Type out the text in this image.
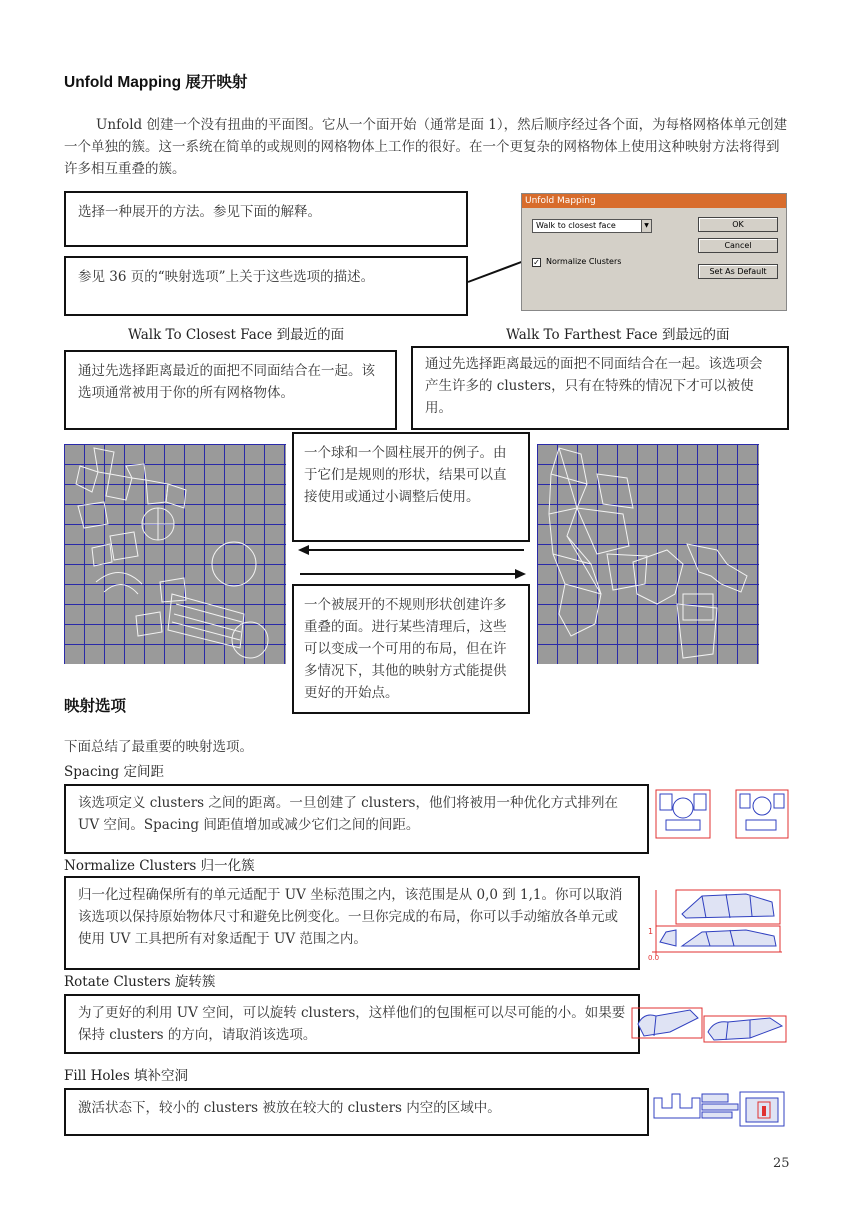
Unfold Mapping 展开映射
Unfold 创建一个没有扭曲的平面图。它从一个面开始（通常是面 1），然后顺序经过各个面，为每格网格体单元创建一个单独的簇。这一系统在简单的或规则的网格物体上工作的很好。在一个更复杂的网格物体上使用这种映射方法将得到许多相互重叠的簇。
选择一种展开的方法。参见下面的解释。
参见 36 页的“映射选项”上关于这些选项的描述。
Unfold Mapping
Walk to closest face	▼	OK
Cancel
✓ Normalize Clusters
Set As Default
Walk To Closest Face 到最近的面	Walk To Farthest Face 到最远的面
通过先选择距离最近的面把不同面结合在一起。该选项通常被用于你的所有网格物体。
通过先选择距离最远的面把不同面结合在一起。该选项会产生许多的 clusters，只有在特殊的情况下才可以被使用。
一个球和一个圆柱展开的例子。由于它们是规则的形状，结果可以直接使用或通过小调整后使用。
一个被展开的不规则形状创建许多重叠的面。进行某些清理后，这些可以变成一个可用的布局，但在许多情况下，其他的映射方式能提供更好的开始点。
映射选项
下面总结了最重要的映射选项。
Spacing 定间距
该选项定义 clusters 之间的距离。一旦创建了 clusters，他们将被用一种优化方式排列在 UV 空间。Spacing 间距值增加或减少它们之间的间距。
Normalize Clusters 归一化簇
归一化过程确保所有的单元适配于 UV 坐标范围之内，该范围是从 0,0 到 1,1。你可以取消该选项以保持原始物体尺寸和避免比例变化。一旦你完成的布局，你可以手动缩放各单元或使用 UV 工具把所有对象适配于 UV 范围之内。	1
0,0
Rotate Clusters 旋转簇
为了更好的利用 UV 空间，可以旋转 clusters，这样他们的包围框可以尽可能的小。如果要保持 clusters 的方向，请取消该选项。
Fill Holes 填补空洞
激活状态下，较小的 clusters 被放在较大的 clusters 内空的区域中。
25
